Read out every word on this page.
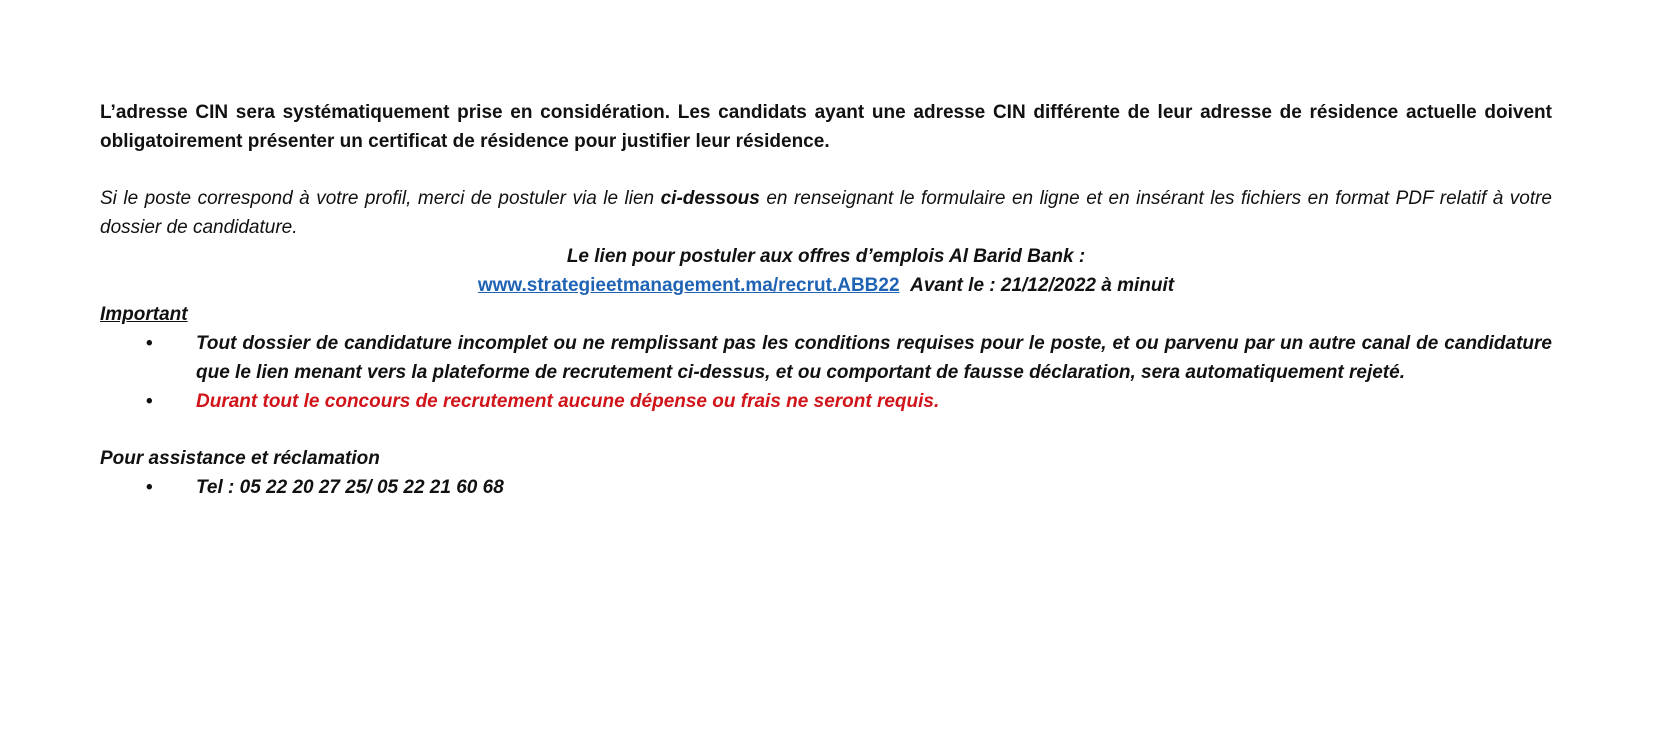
L’adresse CIN sera systématiquement prise en considération. Les candidats ayant une adresse CIN différente de leur adresse de résidence actuelle doivent obligatoirement présenter un certificat de résidence pour justifier leur résidence.

Si le poste correspond à votre profil, merci de postuler via le lien ci-dessous en renseignant le formulaire en ligne et en insérant les fichiers en format PDF relatif à votre dossier de candidature.

Le lien pour postuler aux offres d’emplois Al Barid Bank :

www.strategieetmanagement.ma/recrut.ABB22 Avant le : 21/12/2022 à minuit

Important

• Tout dossier de candidature incomplet ou ne remplissant pas les conditions requises pour le poste, et ou parvenu par un autre canal de candidature que le lien menant vers la plateforme de recrutement ci-dessus, et ou comportant de fausse déclaration, sera automatiquement rejeté.
• Durant tout le concours de recrutement aucune dépense ou frais ne seront requis.

Pour assistance et réclamation

• Tel : 05 22 20 27 25/ 05 22 21 60 68
